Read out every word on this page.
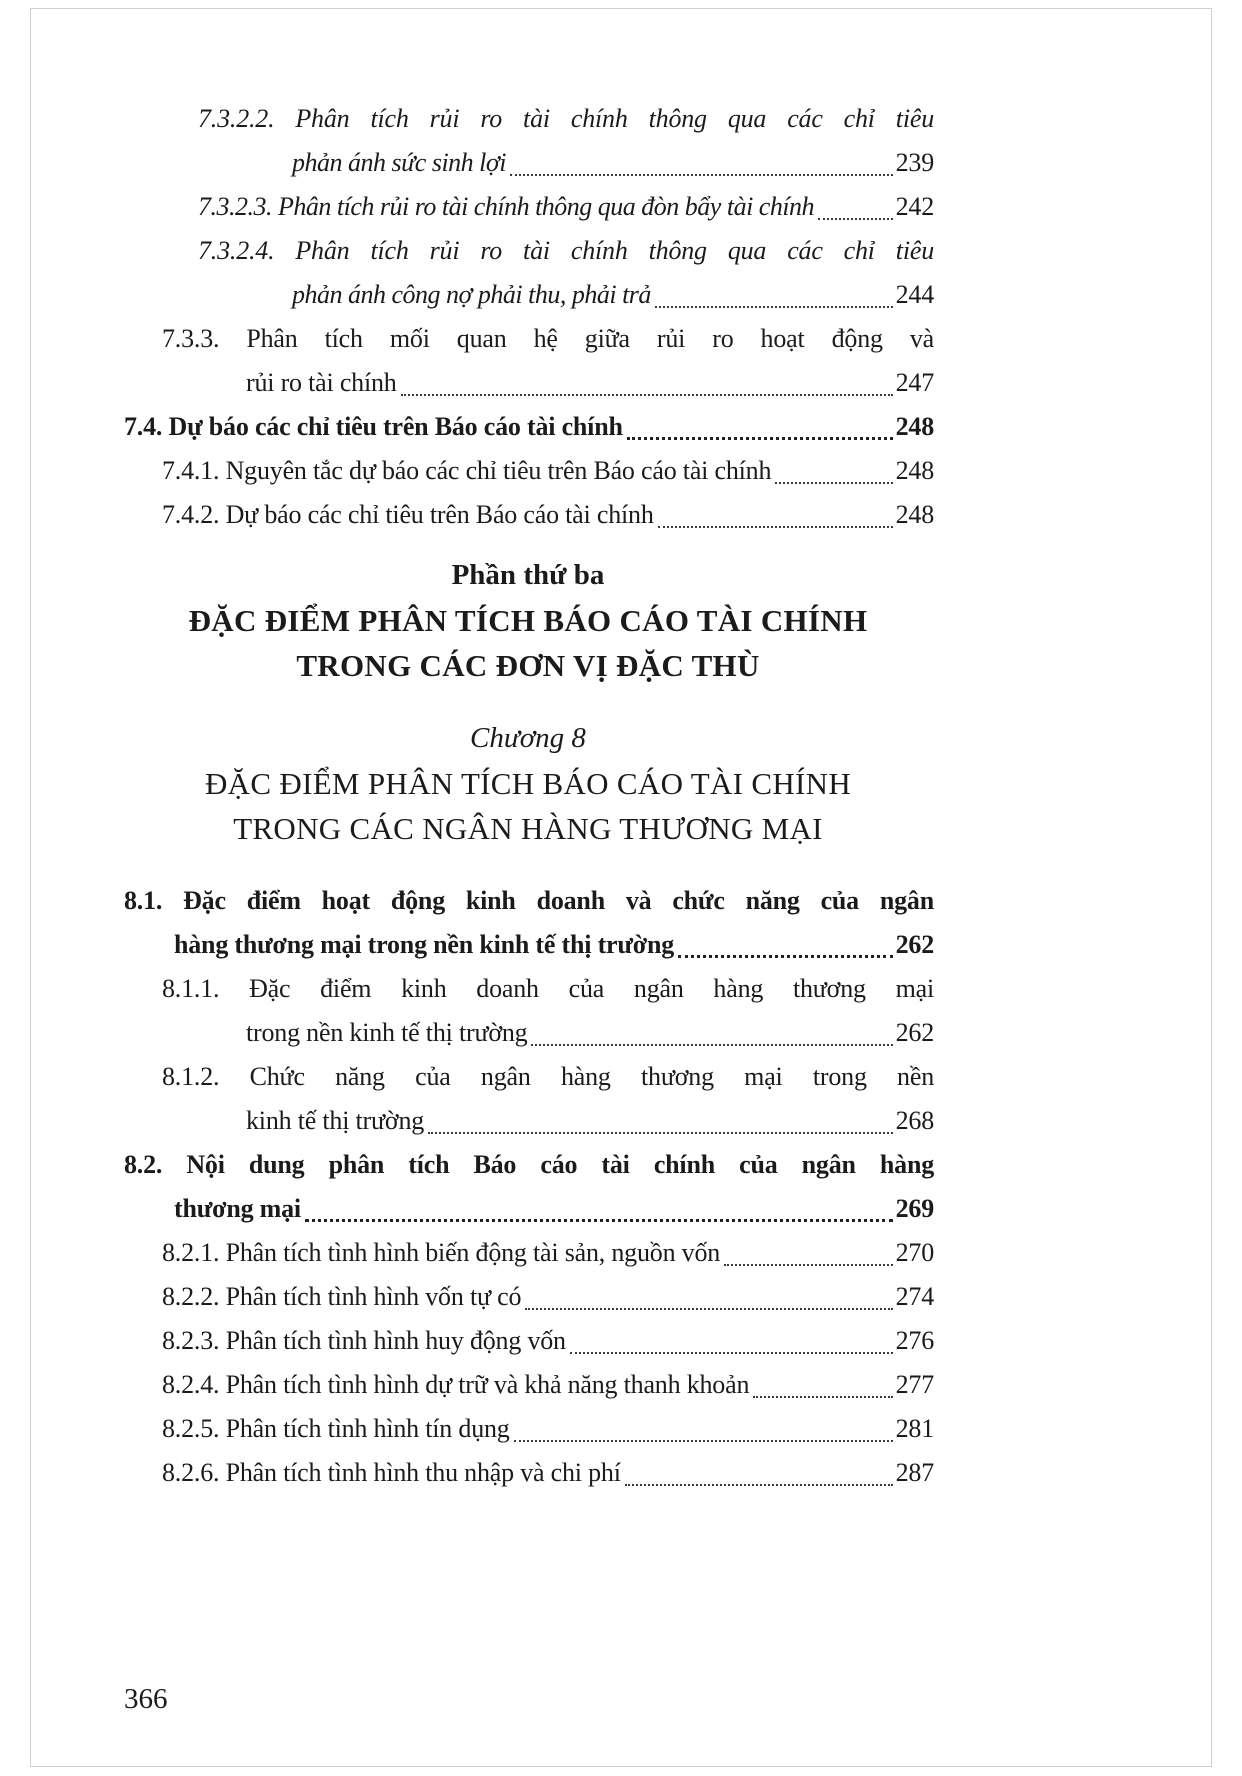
7.3.2.2. Phân tích rủi ro tài chính thông qua các chỉ tiêu
phản ánh sức sinh lợi	239
7.3.2.3. Phân tích rủi ro tài chính thông qua đòn bẩy tài chính	242
7.3.2.4. Phân tích rủi ro tài chính thông qua các chỉ tiêu
phản ánh công nợ phải thu, phải trả	244
7.3.3. Phân tích mối quan hệ giữa rủi ro hoạt động và
rủi ro tài chính	247
7.4. Dự báo các chỉ tiêu trên Báo cáo tài chính	248
7.4.1. Nguyên tắc dự báo các chỉ tiêu trên Báo cáo tài chính	248
7.4.2. Dự báo các chỉ tiêu trên Báo cáo tài chính	248
Phần thứ ba
ĐẶC ĐIỂM PHÂN TÍCH BÁO CÁO TÀI CHÍNH
TRONG CÁC ĐƠN VỊ ĐẶC THÙ
Chương 8
ĐẶC ĐIỂM PHÂN TÍCH BÁO CÁO TÀI CHÍNH
TRONG CÁC NGÂN HÀNG THƯƠNG MẠI
8.1. Đặc điểm hoạt động kinh doanh và chức năng của ngân
hàng thương mại trong nền kinh tế thị trường	262
8.1.1. Đặc điểm kinh doanh của ngân hàng thương mại
trong nền kinh tế thị trường	262
8.1.2. Chức năng của ngân hàng thương mại trong nền
kinh tế thị trường	268
8.2. Nội dung phân tích Báo cáo tài chính của ngân hàng
thương mại	269
8.2.1. Phân tích tình hình biến động tài sản, nguồn vốn	270
8.2.2. Phân tích tình hình vốn tự có	274
8.2.3. Phân tích tình hình huy động vốn	276
8.2.4. Phân tích tình hình dự trữ và khả năng thanh khoản	277
8.2.5. Phân tích tình hình tín dụng	281
8.2.6. Phân tích tình hình thu nhập và chi phí	287
366
